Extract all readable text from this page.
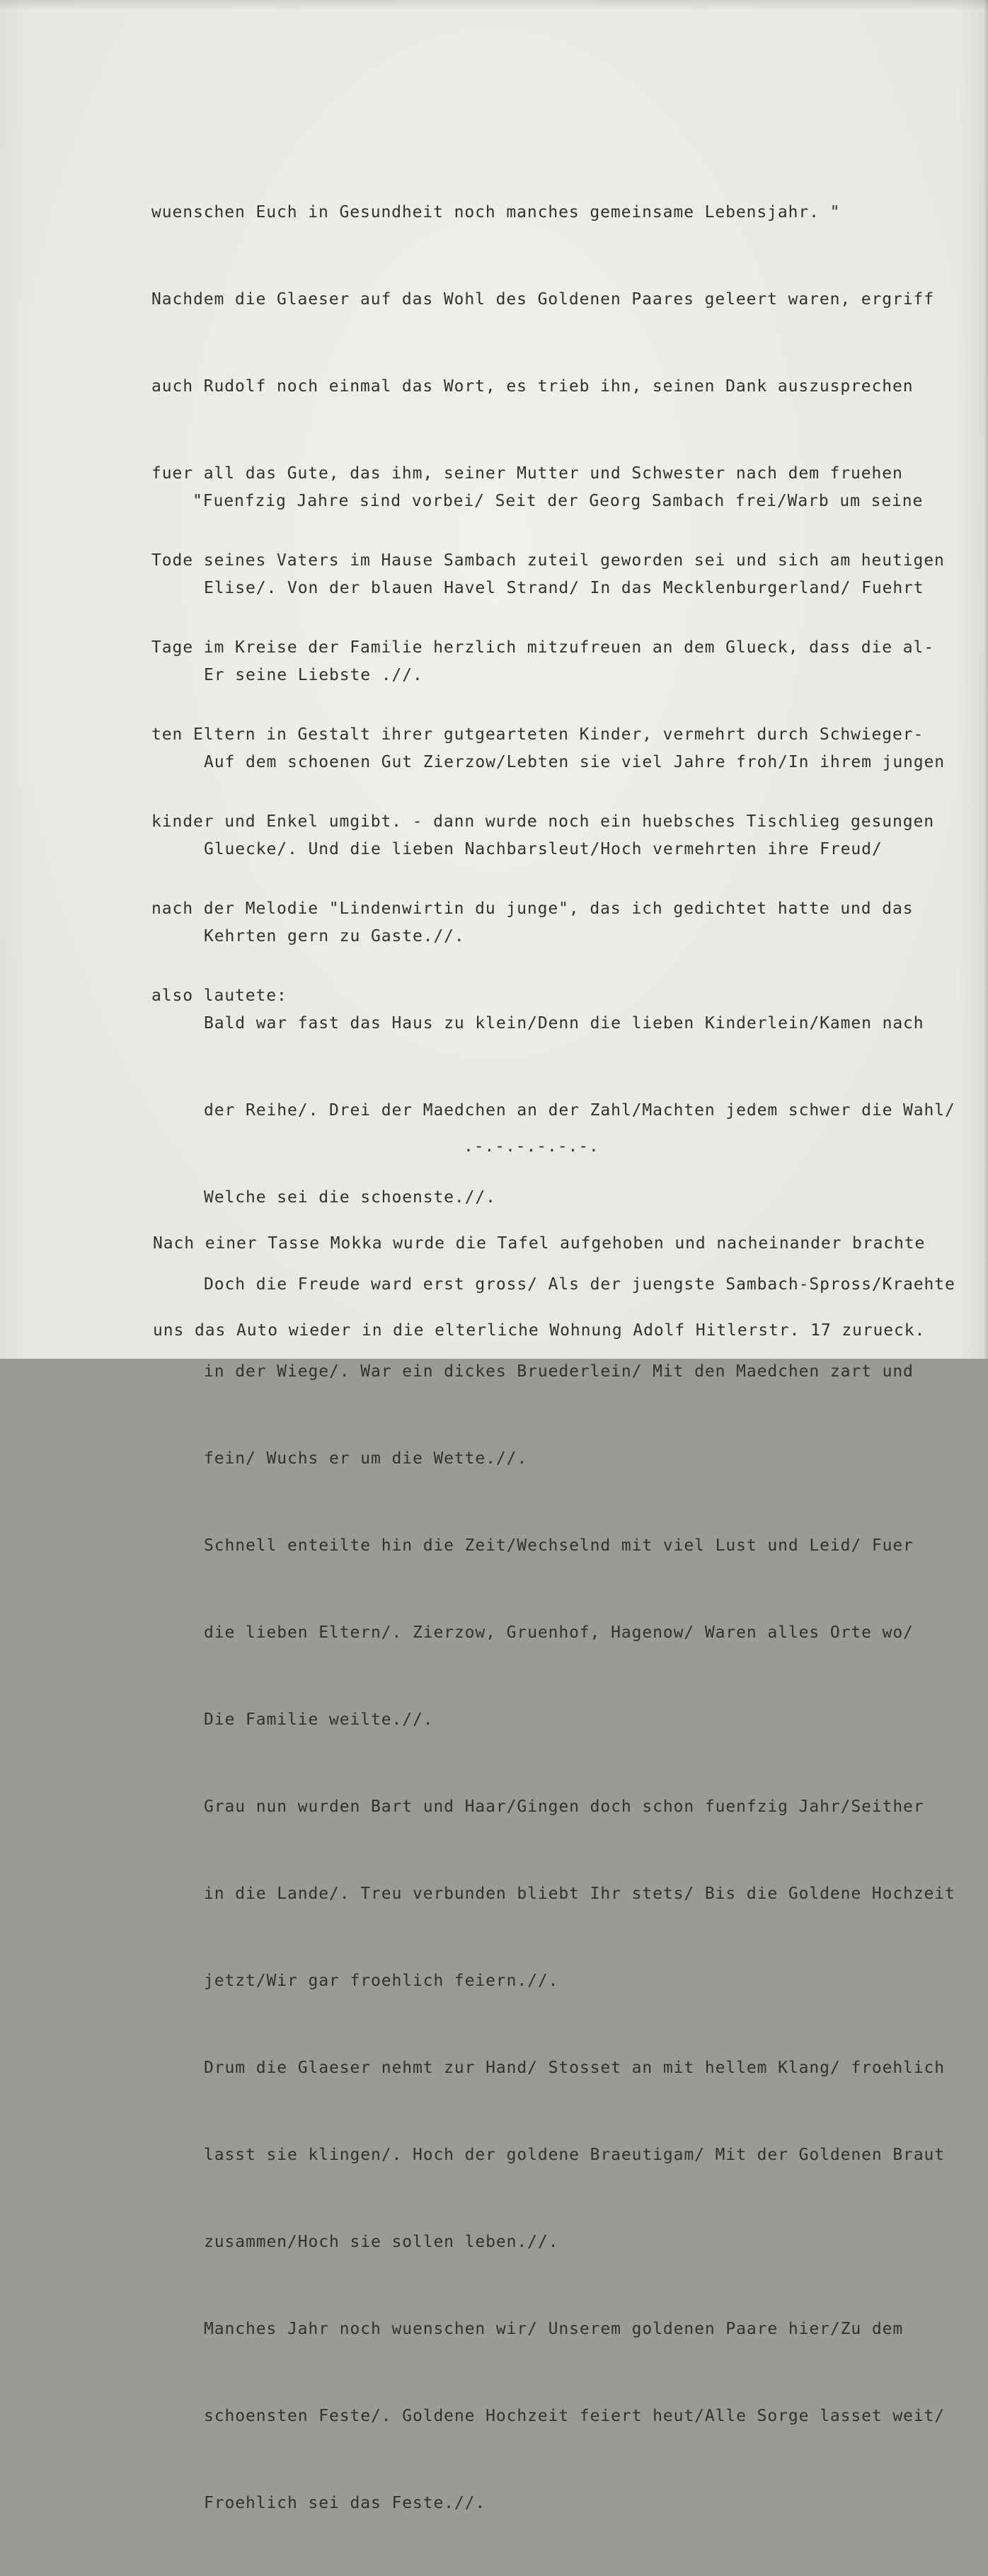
wuenschen Euch in Gesundheit noch manches gemeinsame Lebensjahr. "

Nachdem die Glaeser auf das Wohl des Goldenen Paares geleert waren, ergriff

auch Rudolf noch einmal das Wort, es trieb ihn, seinen Dank auszusprechen

fuer all das Gute, das ihm, seiner Mutter und Schwester nach dem fruehen

Tode seines Vaters im Hause Sambach zuteil geworden sei und sich am heutigen

Tage im Kreise der Familie herzlich mitzufreuen an dem Glueck, dass die al-

ten Eltern in Gestalt ihrer gutgearteten Kinder, vermehrt durch Schwieger-

kinder und Enkel umgibt. - dann wurde noch ein huebsches Tischlieg gesungen

nach der Melodie "Lindenwirtin du junge", das ich gedichtet hatte und das

also lautete:

"Fuenfzig Jahre sind vorbei/ Seit der Georg Sambach frei/Warb um seine

Elise/. Von der blauen Havel Strand/ In das Mecklenburgerland/ Fuehrt

Er seine Liebste .//.

Auf dem schoenen Gut Zierzow/Lebten sie viel Jahre froh/In ihrem jungen

Gluecke/. Und die lieben Nachbarsleut/Hoch vermehrten ihre Freud/

Kehrten gern zu Gaste.//.

Bald war fast das Haus zu klein/Denn die lieben Kinderlein/Kamen nach

der Reihe/. Drei der Maedchen an der Zahl/Machten jedem schwer die Wahl/

Welche sei die schoenste.//.

Doch die Freude ward erst gross/ Als der juengste Sambach-Spross/Kraehte

in der Wiege/. War ein dickes Bruederlein/ Mit den Maedchen zart und

fein/ Wuchs er um die Wette.//.

Schnell enteilte hin die Zeit/Wechselnd mit viel Lust und Leid/ Fuer

die lieben Eltern/. Zierzow, Gruenhof, Hagenow/ Waren alles Orte wo/

Die Familie weilte.//.

Grau nun wurden Bart und Haar/Gingen doch schon fuenfzig Jahr/Seither

in die Lande/. Treu verbunden bliebt Ihr stets/ Bis die Goldene Hochzeit

jetzt/Wir gar froehlich feiern.//.

Drum die Glaeser nehmt zur Hand/ Stosset an mit hellem Klang/ froehlich

lasst sie klingen/. Hoch der goldene Braeutigam/ Mit der Goldenen Braut

zusammen/Hoch sie sollen leben.//.

Manches Jahr noch wuenschen wir/ Unserem goldenen Paare hier/Zu dem

schoensten Feste/. Goldene Hochzeit feiert heut/Alle Sorge lasset weit/

Froehlich sei das Feste.//.

.-.-.-.-.-.-.

Nach einer Tasse Mokka wurde die Tafel aufgehoben und nacheinander brachte

uns das Auto wieder in die elterliche Wohnung Adolf Hitlerstr. 17 zurueck.
